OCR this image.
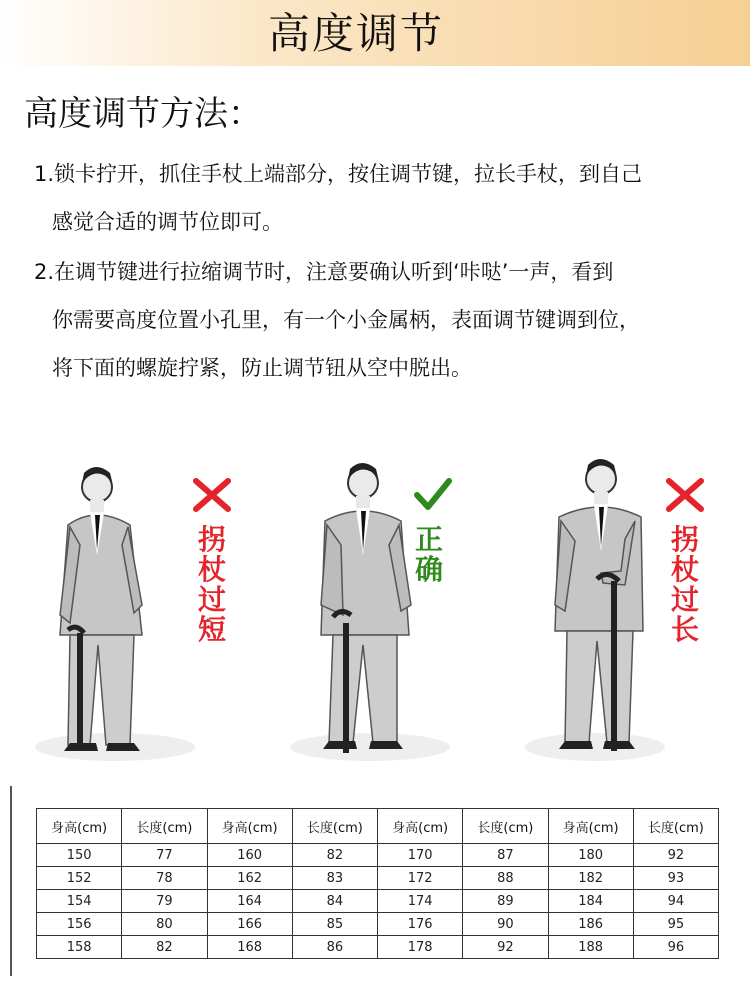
高度调节
高度调节方法：
1.锁卡拧开，抓住手杖上端部分，按住调节键，拉长手杖，到自己
感觉合适的调节位即可。
2.在调节键进行拉缩调节时，注意要确认听到‘咔哒’一声，看到
你需要高度位置小孔里，有一个小金属柄，表面调节键调到位，
将下面的螺旋拧紧，防止调节钮从空中脱出。
拐
杖
过
短
正
确
拐
杖
过
长
身高(cm)	长度(cm)	身高(cm)	长度(cm)	身高(cm)	长度(cm)	身高(cm)	长度(cm)
150	77	160	82	170	87	180	92
152	78	162	83	172	88	182	93
154	79	164	84	174	89	184	94
156	80	166	85	176	90	186	95
158	82	168	86	178	92	188	96
